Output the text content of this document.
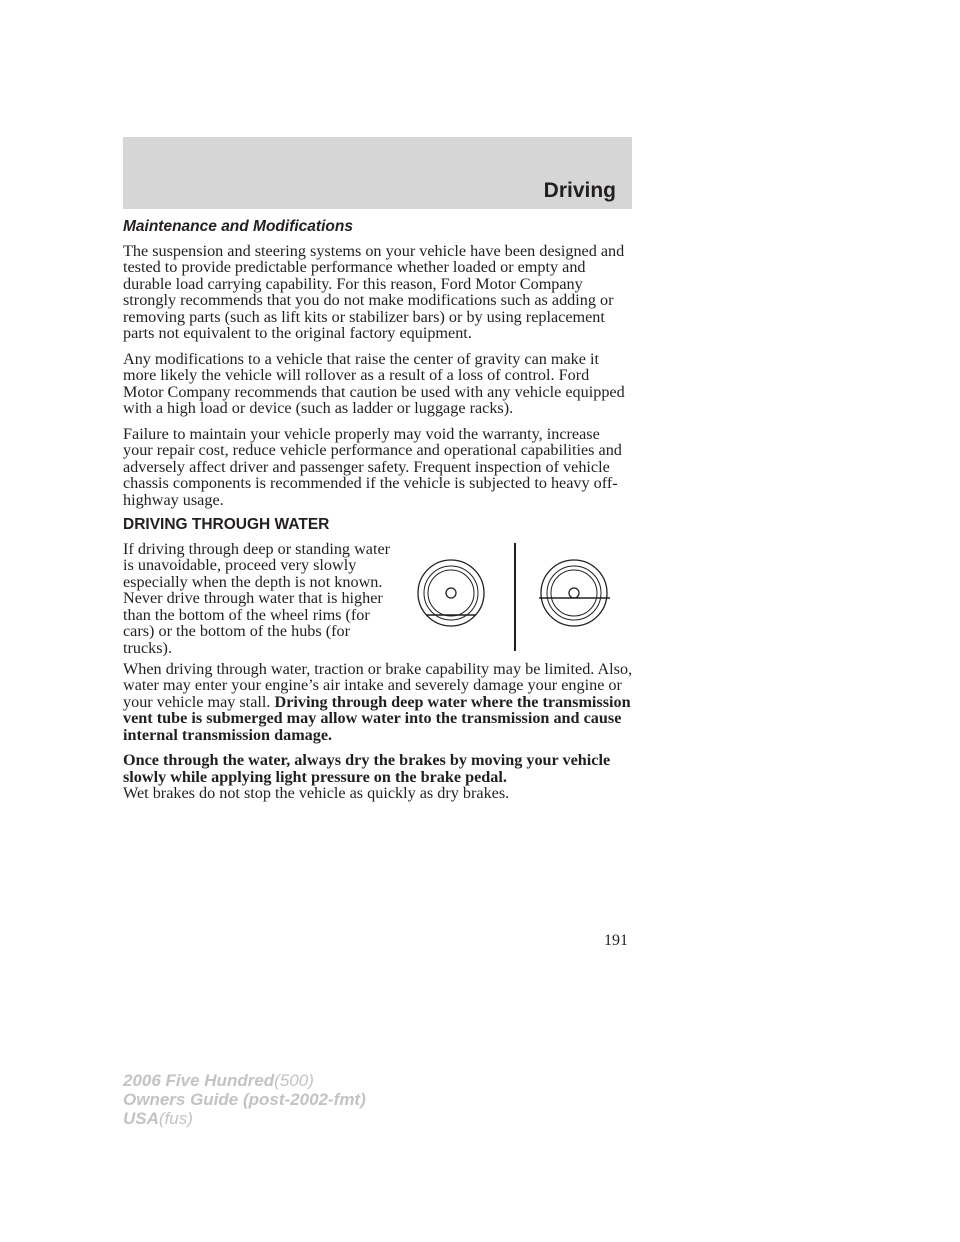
Driving
Maintenance and Modifications

The suspension and steering systems on your vehicle have been designed and tested to provide predictable performance whether loaded or empty and durable load carrying capability. For this reason, Ford Motor Company strongly recommends that you do not make modifications such as adding or removing parts (such as lift kits or stabilizer bars) or by using replacement parts not equivalent to the original factory equipment.

Any modifications to a vehicle that raise the center of gravity can make it more likely the vehicle will rollover as a result of a loss of control. Ford Motor Company recommends that caution be used with any vehicle equipped with a high load or device (such as ladder or luggage racks).

Failure to maintain your vehicle properly may void the warranty, increase your repair cost, reduce vehicle performance and operational capabilities and adversely affect driver and passenger safety. Frequent inspection of vehicle chassis components is recommended if the vehicle is subjected to heavy off-highway usage.

DRIVING THROUGH WATER
If driving through deep or standing water is unavoidable, proceed very slowly especially when the depth is not known. Never drive through water that is higher than the bottom of the wheel rims (for cars) or the bottom of the hubs (for trucks).

When driving through water, traction or brake capability may be limited. Also, water may enter your engine’s air intake and severely damage your engine or your vehicle may stall. Driving through deep water where the transmission vent tube is submerged may allow water into the transmission and cause internal transmission damage.

Once through the water, always dry the brakes by moving your vehicle slowly while applying light pressure on the brake pedal.
Wet brakes do not stop the vehicle as quickly as dry brakes.

191
2006 Five Hundred(500)
Owners Guide (post-2002-fmt)
USA(fus)
